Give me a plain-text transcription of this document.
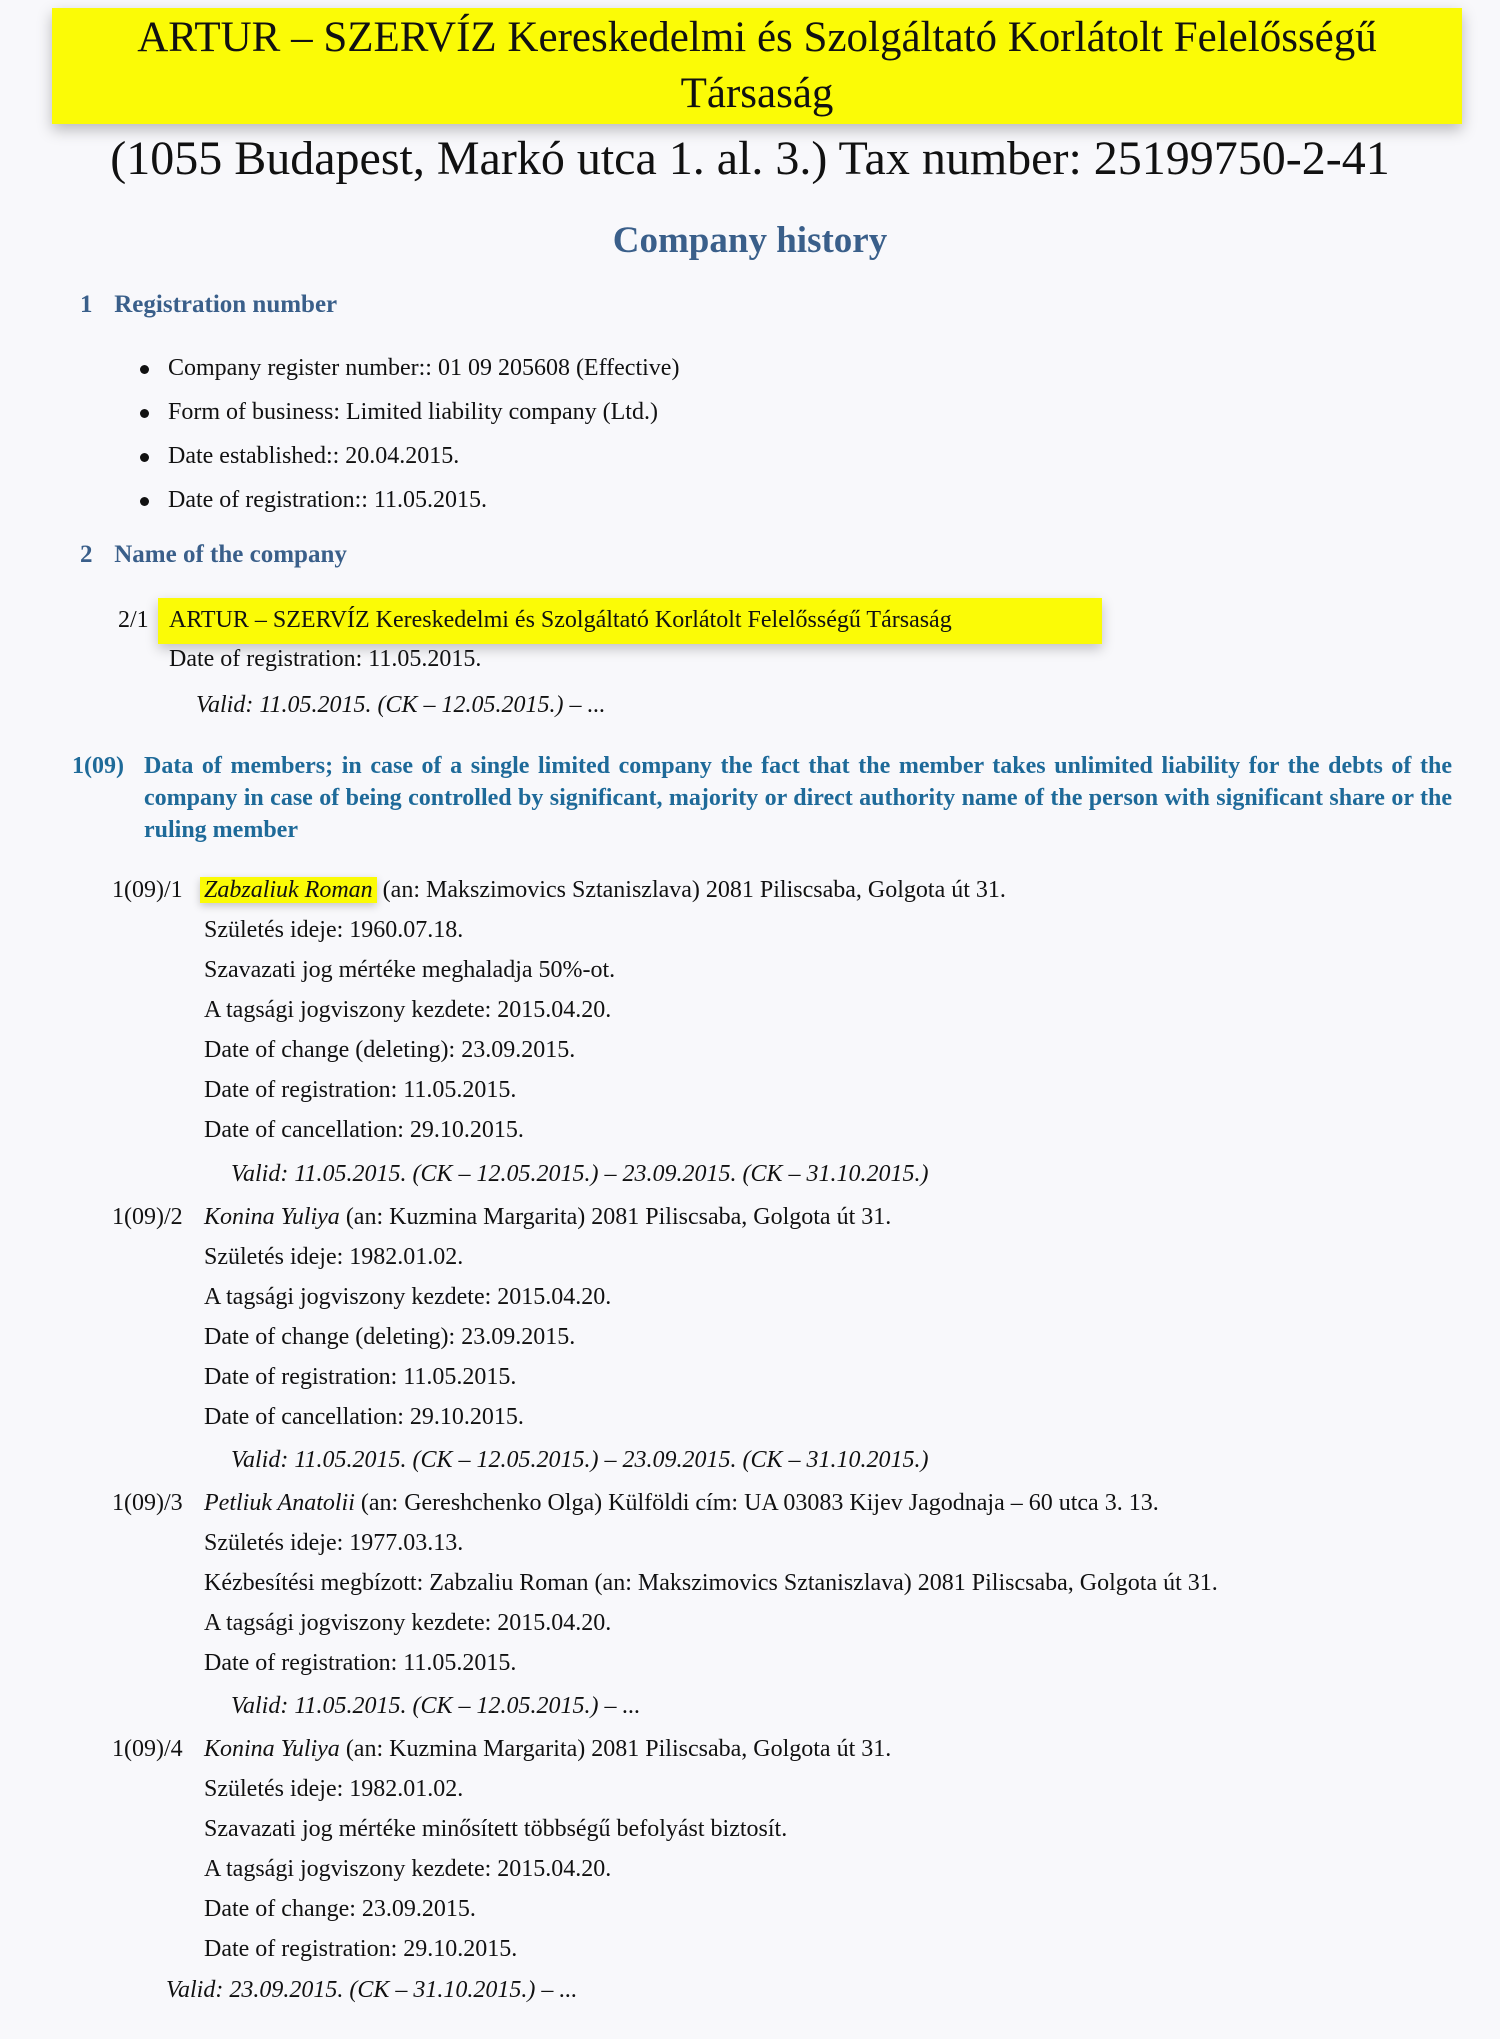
ARTUR – SZERVÍZ Kereskedelmi és Szolgáltató Korlátolt Felelősségű
Társaság
(1055 Budapest, Markó utca 1. al. 3.) Tax number: 25199750-2-41
Company history
1 Registration number
Company register number:: 01 09 205608 (Effective)
Form of business: Limited liability company (Ltd.)
Date established:: 20.04.2015.
Date of registration:: 11.05.2015.
2 Name of the company
2/1 ARTUR – SZERVÍZ Kereskedelmi és Szolgáltató Korlátolt Felelősségű Társaság
Date of registration: 11.05.2015.
Valid: 11.05.2015. (CK – 12.05.2015.) – ...
1(09) Data of members; in case of a single limited company the fact that the member takes unlimited liability for the debts of the company in case of being controlled by significant, majority or direct authority name of the person with significant share or the ruling member
1(09)/1 Zabzaliuk Roman (an: Makszimovics Sztaniszlava) 2081 Piliscsaba, Golgota út 31.
Születés ideje: 1960.07.18.
Szavazati jog mértéke meghaladja 50%-ot.
A tagsági jogviszony kezdete: 2015.04.20.
Date of change (deleting): 23.09.2015.
Date of registration: 11.05.2015.
Date of cancellation: 29.10.2015.
Valid: 11.05.2015. (CK – 12.05.2015.) – 23.09.2015. (CK – 31.10.2015.)
1(09)/2 Konina Yuliya (an: Kuzmina Margarita) 2081 Piliscsaba, Golgota út 31.
Születés ideje: 1982.01.02.
A tagsági jogviszony kezdete: 2015.04.20.
Date of change (deleting): 23.09.2015.
Date of registration: 11.05.2015.
Date of cancellation: 29.10.2015.
Valid: 11.05.2015. (CK – 12.05.2015.) – 23.09.2015. (CK – 31.10.2015.)
1(09)/3 Petliuk Anatolii (an: Gereshchenko Olga) Külföldi cím: UA 03083 Kijev Jagodnaja – 60 utca 3. 13.
Születés ideje: 1977.03.13.
Kézbesítési megbízott: Zabzaliu Roman (an: Makszimovics Sztaniszlava) 2081 Piliscsaba, Golgota út 31.
A tagsági jogviszony kezdete: 2015.04.20.
Date of registration: 11.05.2015.
Valid: 11.05.2015. (CK – 12.05.2015.) – ...
1(09)/4 Konina Yuliya (an: Kuzmina Margarita) 2081 Piliscsaba, Golgota út 31.
Születés ideje: 1982.01.02.
Szavazati jog mértéke minősített többségű befolyást biztosít.
A tagsági jogviszony kezdete: 2015.04.20.
Date of change: 23.09.2015.
Date of registration: 29.10.2015.
Valid: 23.09.2015. (CK – 31.10.2015.) – ...
